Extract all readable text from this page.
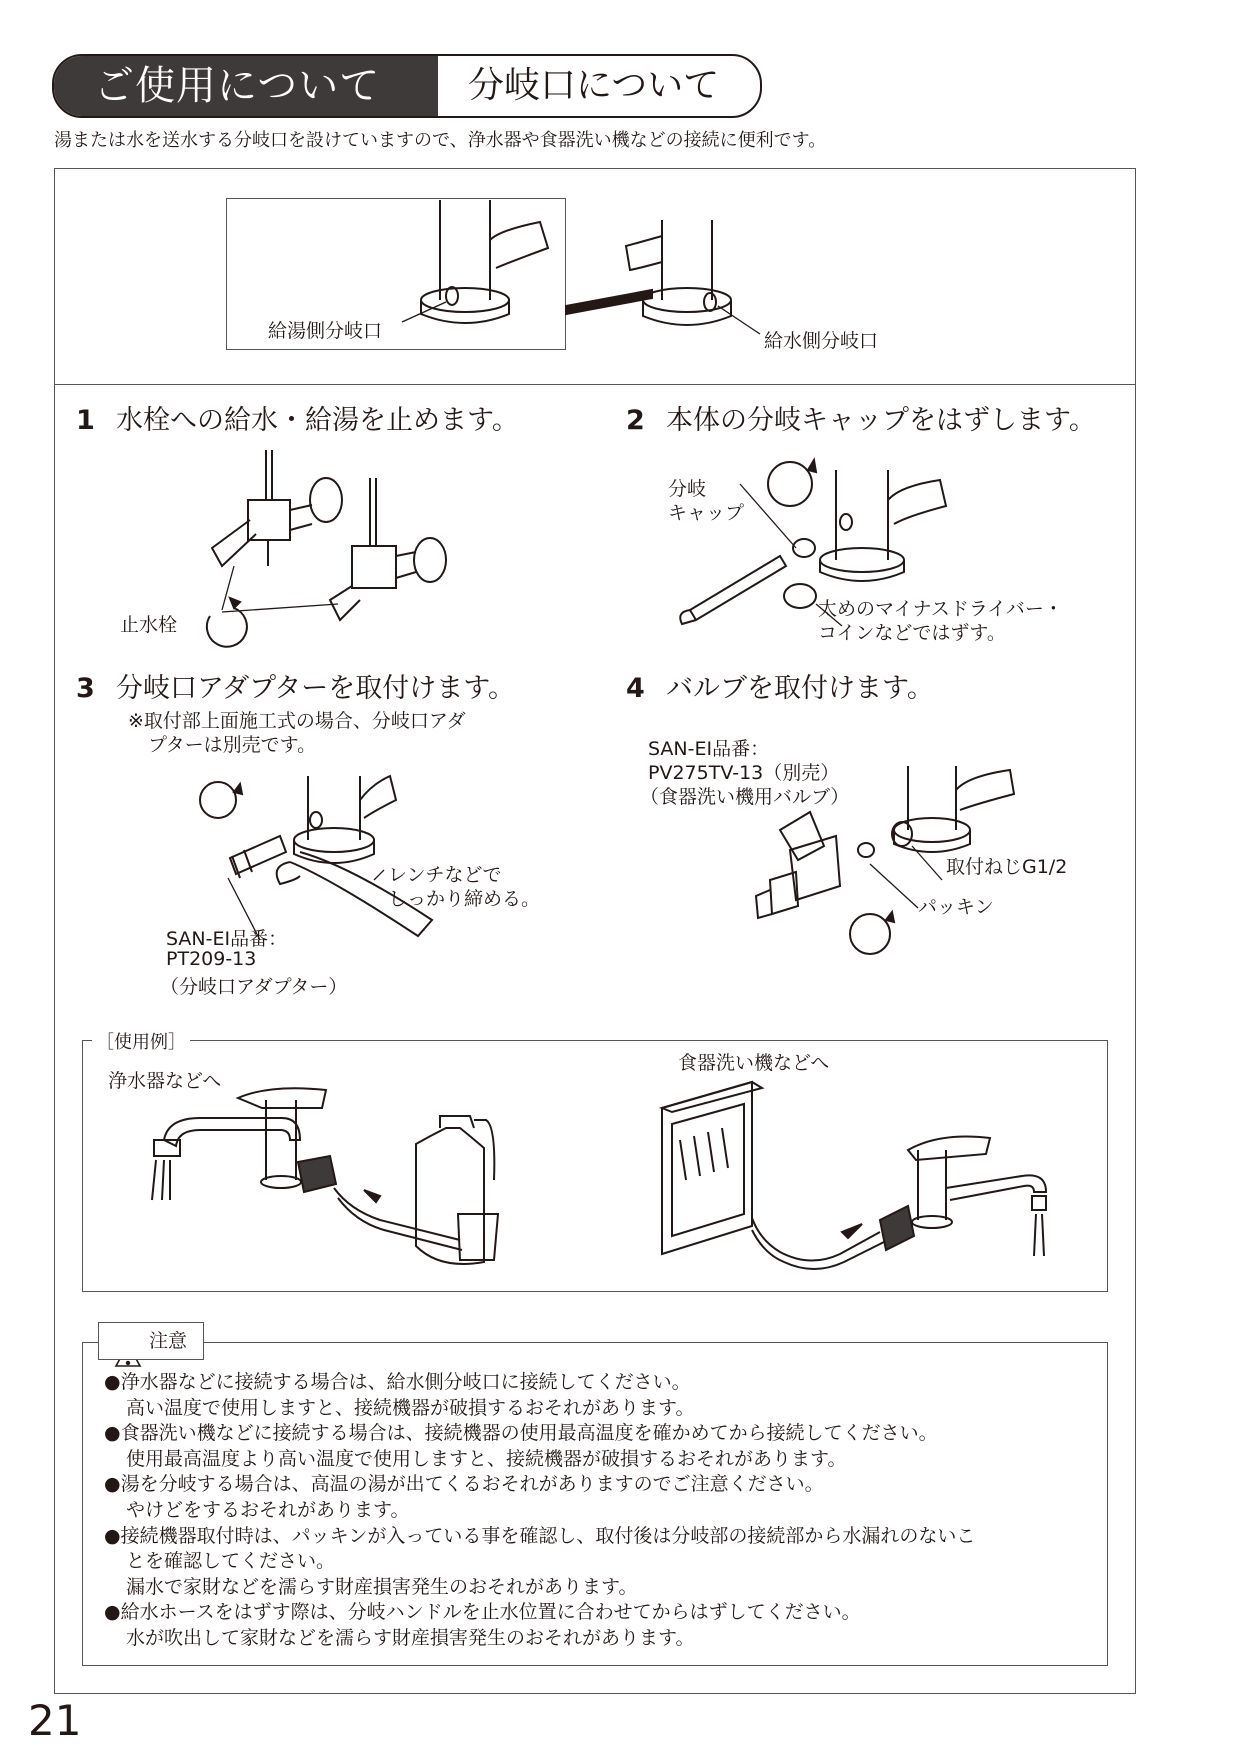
ご使用について	分岐口について
湯または水を送水する分岐口を設けていますので、浄水器や食器洗い機などの接続に便利です。
給湯側分岐口	給水側分岐口
1 水栓への給水・給湯を止めます。
止水栓
2 本体の分岐キャップをはずします。
分岐
キャップ
太めのマイナスドライバー・
コインなどではずす。
3 分岐口アダプターを取付けます。
※取付部上面施工式の場合、分岐口アダ
プターは別売です。
レンチなどで
しっかり締める。
SAN-EI品番：
PT209-13
（分岐口アダプター）
4 バルブを取付けます。
SAN-EI品番：
PV275TV-13（別売）
（食器洗い機用バルブ）
取付ねじG1/2
パッキン
［使用例］
浄水器などへ
食器洗い機などへ
注意
●浄水器などに接続する場合は、給水側分岐口に接続してください。
高い温度で使用しますと、接続機器が破損するおそれがあります。
●食器洗い機などに接続する場合は、接続機器の使用最高温度を確かめてから接続してください。
使用最高温度より高い温度で使用しますと、接続機器が破損するおそれがあります。
●湯を分岐する場合は、高温の湯が出てくるおそれがありますのでご注意ください。
やけどをするおそれがあります。
●接続機器取付時は、パッキンが入っている事を確認し、取付後は分岐部の接続部から水漏れのないこ
とを確認してください。
漏水で家財などを濡らす財産損害発生のおそれがあります。
●給水ホースをはずす際は、分岐ハンドルを止水位置に合わせてからはずしてください。
水が吹出して家財などを濡らす財産損害発生のおそれがあります。
21
